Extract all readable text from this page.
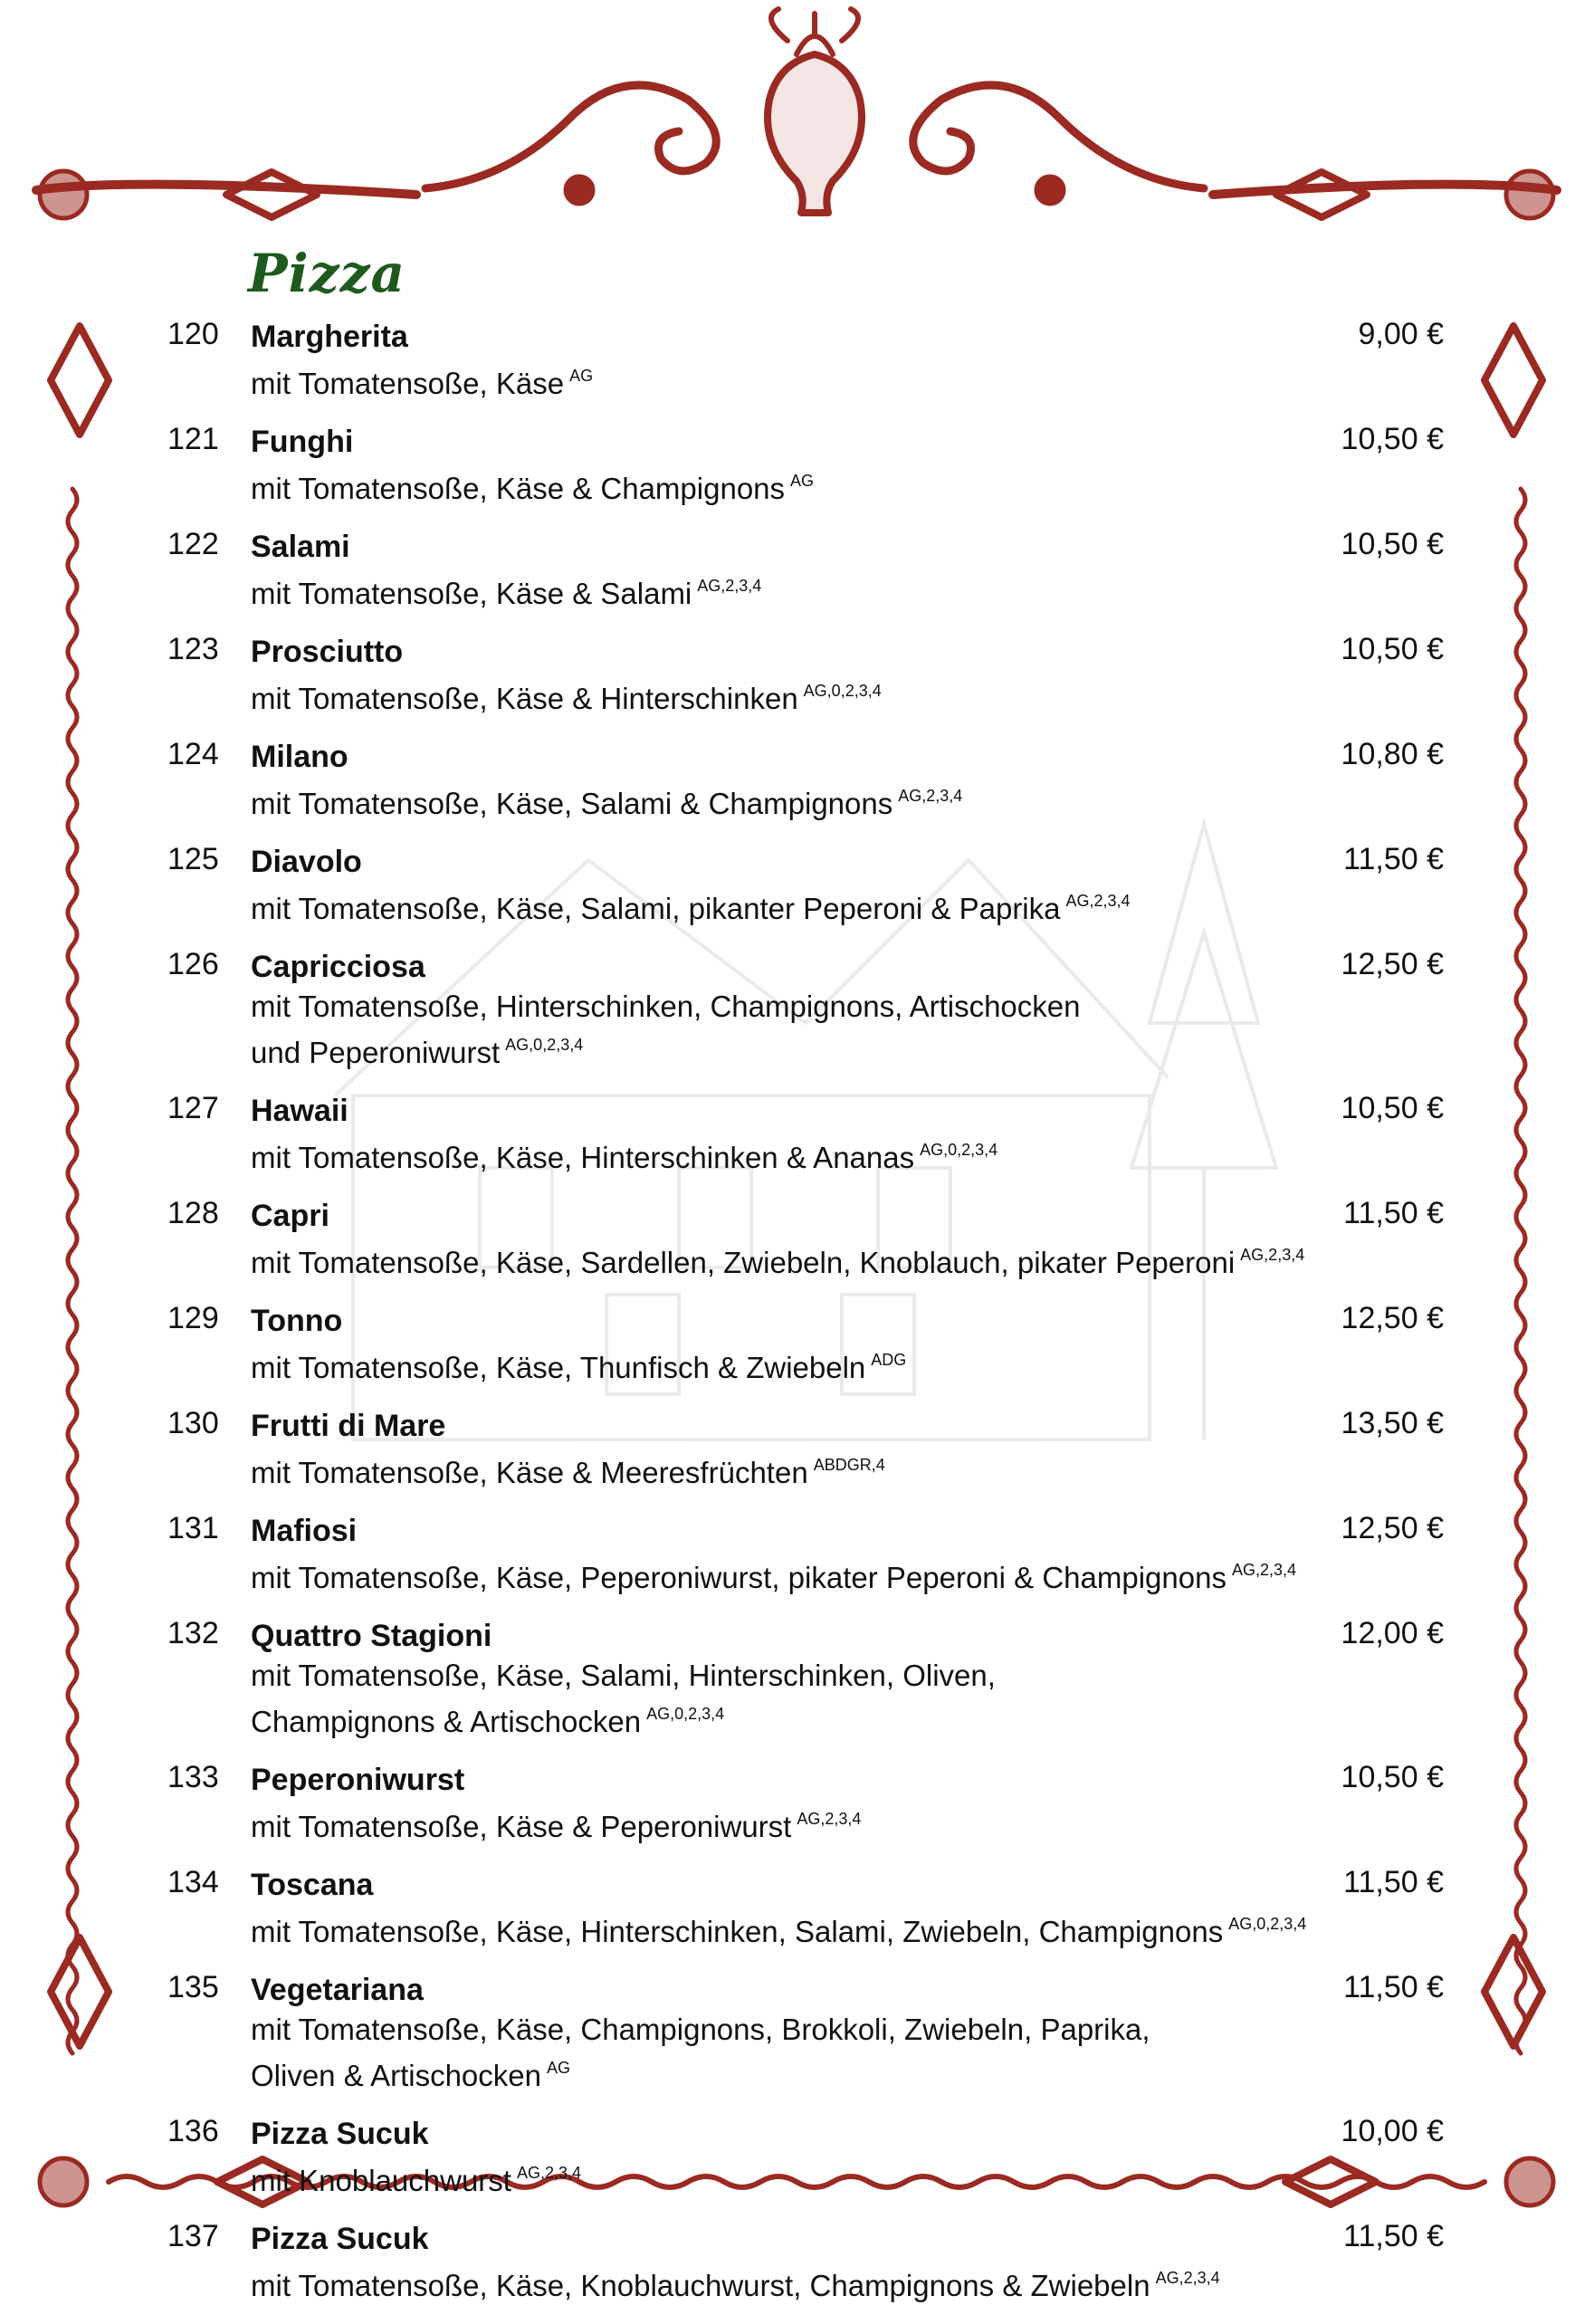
Pizza
120 Margherita
mit Tomatensoße, Käse $^{AG}$
9,00 €
121 Funghi
mit Tomatensoße, Käse & Champignons $^{AG}$
10,50 €
122 Salami
mit Tomatensoße, Käse & Salami $^{AG,2,3,4}$
10,50 €
123 Prosciutto
mit Tomatensoße, Käse & Hinterschinken $^{AG,0,2,3,4}$
10,50 €
124 Milano
mit Tomatensoße, Käse, Salami & Champignons $^{AG,2,3,4}$
10,80 €
125 Diavolo
mit Tomatensoße, Käse, Salami, pikanter Peperoni & Paprika $^{AG,2,3,4}$
11,50 €
126 Capricciosa
mit Tomatensoße, Hinterschinken, Champignons, Artischocken
und Peperoniwurst $^{AG,0,2,3,4}$
12,50 €
127 Hawaii
mit Tomatensoße, Käse, Hinterschinken & Ananas $^{AG,0,2,3,4}$
10,50 €
128 Capri
mit Tomatensoße, Käse, Sardellen, Zwiebeln, Knoblauch, pikater Peperoni $^{AG,2,3,4}$
11,50 €
129 Tonno
mit Tomatensoße, Käse, Thunfisch & Zwiebeln $^{ADG}$
12,50 €
130 Frutti di Mare
mit Tomatensoße, Käse & Meeresfrüchten $^{ABDGR,4}$
13,50 €
131 Mafiosi
mit Tomatensoße, Käse, Peperoniwurst, pikater Peperoni & Champignons $^{AG,2,3,4}$
12,50 €
132 Quattro Stagioni
mit Tomatensoße, Käse, Salami, Hinterschinken, Oliven,
Champignons & Artischocken $^{AG,0,2,3,4}$
12,00 €
133 Peperoniwurst
mit Tomatensoße, Käse & Peperoniwurst $^{AG,2,3,4}$
10,50 €
134 Toscana
mit Tomatensoße, Käse, Hinterschinken, Salami, Zwiebeln, Champignons $^{AG,0,2,3,4}$
11,50 €
135 Vegetariana
mit Tomatensoße, Käse, Champignons, Brokkoli, Zwiebeln, Paprika,
Oliven & Artischocken $^{AG}$
11,50 €
136 Pizza Sucuk
mit Knoblauchwurst $^{AG,2,3,4}$
10,00 €
137 Pizza Sucuk
mit Tomatensoße, Käse, Knoblauchwurst, Champignons & Zwiebeln $^{AG,2,3,4}$
11,50 €
